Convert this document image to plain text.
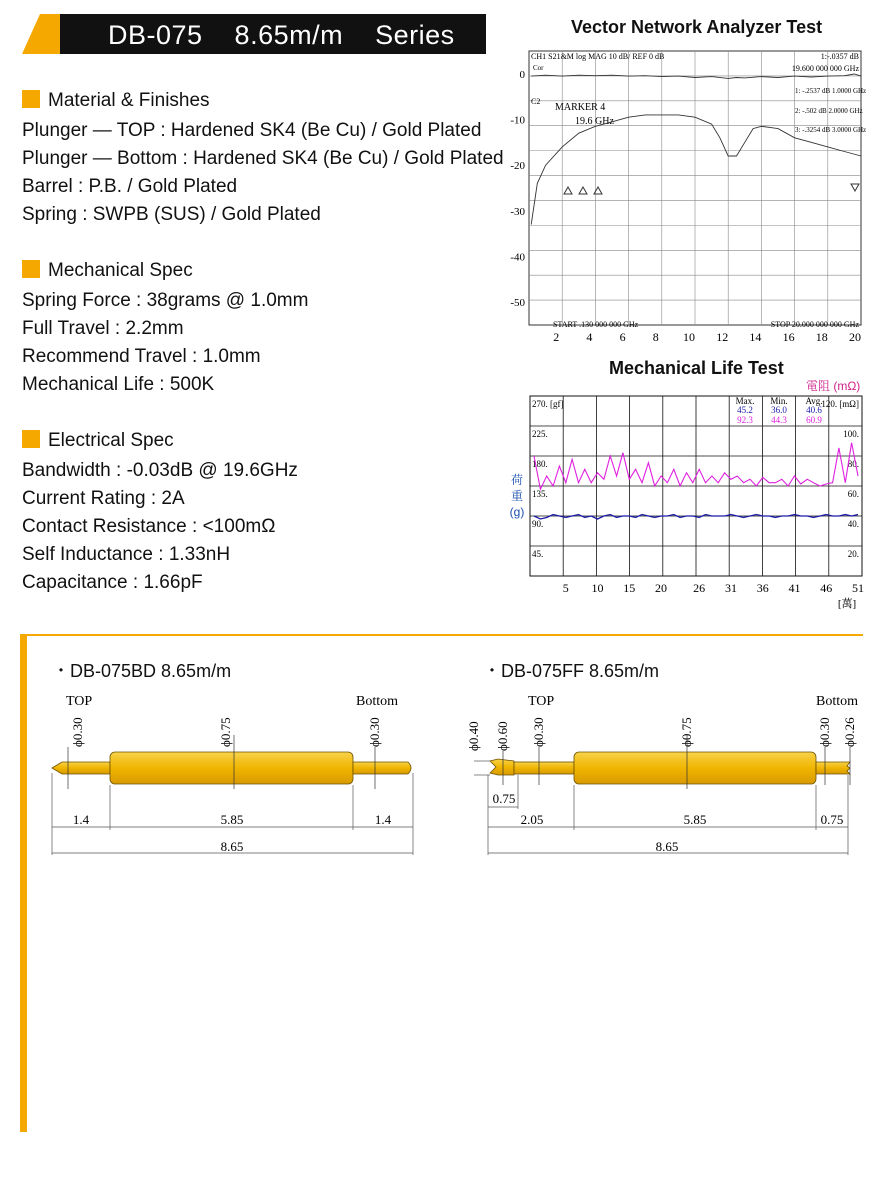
DB-075    8.65m/m    Series
Material & Finishes
Plunger — TOP : Hardened SK4 (Be Cu) / Gold Plated
Plunger — Bottom : Hardened SK4 (Be Cu) / Gold Plated
Barrel : P.B. / Gold Plated
Spring : SWPB (SUS) / Gold Plated
Mechanical Spec
Spring Force : 38grams @ 1.0mm
Full Travel : 2.2mm
Recommend Travel : 1.0mm
Mechanical Life : 500K
Electrical Spec
Bandwidth : -0.03dB @ 19.6GHz
Current Rating : 2A
Contact Resistance : <100mΩ
Self Inductance : 1.33nH
Capacitance : 1.66pF
Vector Network Analyzer Test
CH1 S21&M log MAG 10 dB/ REF 0 dB	1:-.0357 dB
19.600 000 000 GHz
Cor
C2
MARKER 4
19.6 GHz
1: -.2537 dB 1.0000 GHz
2: -.502 dB 2.0000 GHz
3: -.3254 dB 3.0000 GHz
START .130 000 000 GHz	STOP 20.000 000 000 GHz
0
-10
-20
-30
-40
-50
2 4 6 8 10 12 14 16 18 20
Mechanical Life Test
電阻 (mΩ)
荷
重
(g)
270. [gf]
225.
180.
135.
90.
45.
120. [mΩ]
100.
80.
60.
40.
20.
Max. Min. Avg.
45.2 36.0 40.6
92.3 44.3 60.9
5 10 15 20 26 31 36 41 46 51
[萬]
・DB-075BD 8.65m/m	・DB-075FF 8.65m/m
TOP	Bottom
ϕ0.30	ϕ0.75	ϕ0.30
1.4	5.85	1.4
8.65
TOP	Bottom
ϕ0.40 ϕ0.60 ϕ0.30	ϕ0.75	ϕ0.30 ϕ0.26
0.75
2.05	5.85	0.75
8.65
